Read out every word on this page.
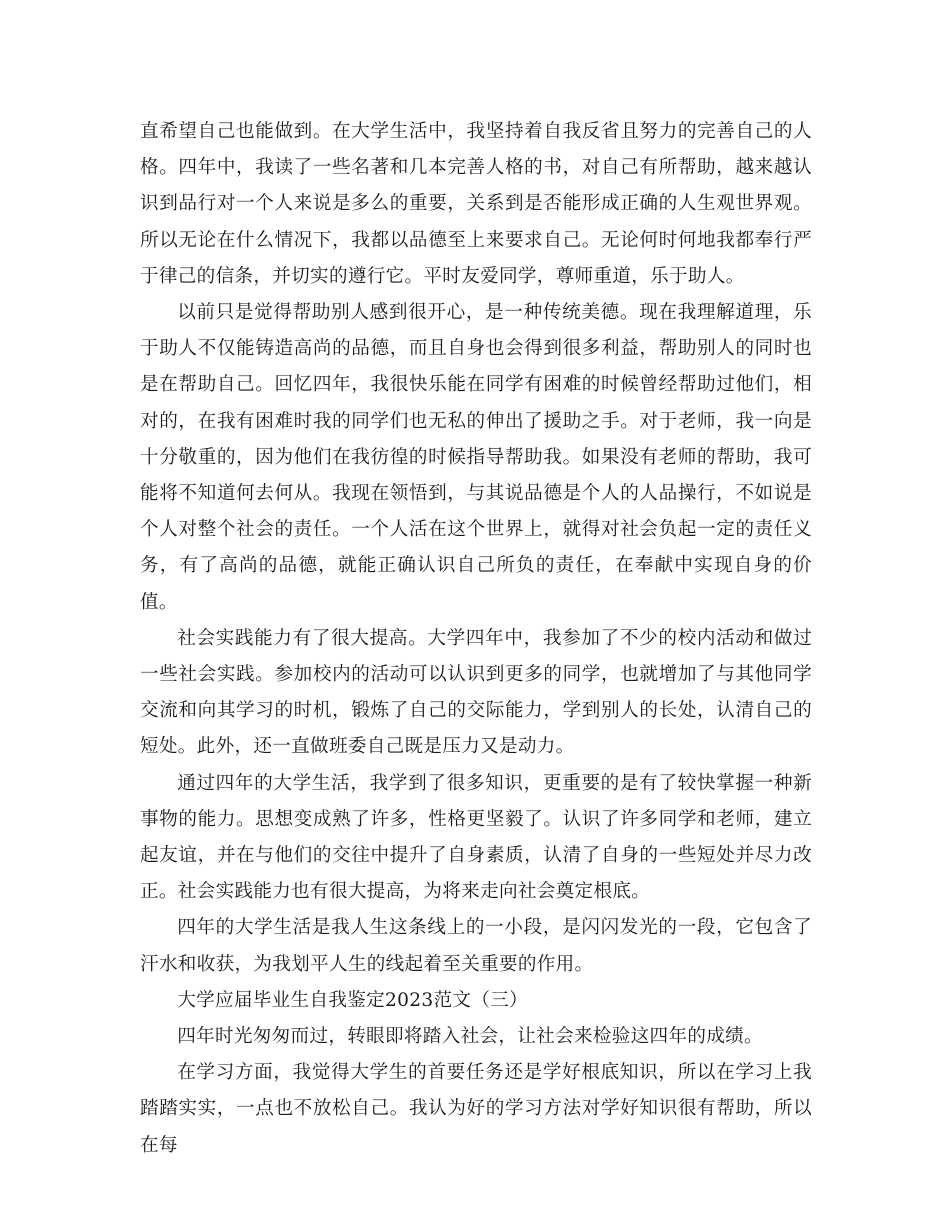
直希望自己也能做到。在大学生活中，我坚持着自我反省且努力的完善自己的人格。四年中，我读了一些名著和几本完善人格的书，对自己有所帮助，越来越认识到品行对一个人来说是多么的重要，关系到是否能形成正确的人生观世界观。所以无论在什么情况下，我都以品德至上来要求自己。无论何时何地我都奉行严于律己的信条，并切实的遵行它。平时友爱同学，尊师重道，乐于助人。

以前只是觉得帮助别人感到很开心，是一种传统美德。现在我理解道理，乐于助人不仅能铸造高尚的品德，而且自身也会得到很多利益，帮助别人的同时也是在帮助自己。回忆四年，我很快乐能在同学有困难的时候曾经帮助过他们，相对的，在我有困难时我的同学们也无私的伸出了援助之手。对于老师，我一向是十分敬重的，因为他们在我彷徨的时候指导帮助我。如果没有老师的帮助，我可能将不知道何去何从。我现在领悟到，与其说品德是个人的人品操行，不如说是个人对整个社会的责任。一个人活在这个世界上，就得对社会负起一定的责任义务，有了高尚的品德，就能正确认识自己所负的责任，在奉献中实现自身的价值。

社会实践能力有了很大提高。大学四年中，我参加了不少的校内活动和做过一些社会实践。参加校内的活动可以认识到更多的同学，也就增加了与其他同学交流和向其学习的时机，锻炼了自己的交际能力，学到别人的长处，认清自己的短处。此外，还一直做班委自己既是压力又是动力。

通过四年的大学生活，我学到了很多知识，更重要的是有了较快掌握一种新事物的能力。思想变成熟了许多，性格更坚毅了。认识了许多同学和老师，建立起友谊，并在与他们的交往中提升了自身素质，认清了自身的一些短处并尽力改正。社会实践能力也有很大提高，为将来走向社会奠定根底。

四年的大学生活是我人生这条线上的一小段，是闪闪发光的一段，它包含了汗水和收获，为我划平人生的线起着至关重要的作用。

大学应届毕业生自我鉴定2023范文（三）

四年时光匆匆而过，转眼即将踏入社会，让社会来检验这四年的成绩。

在学习方面，我觉得大学生的首要任务还是学好根底知识，所以在学习上我踏踏实实，一点也不放松自己。我认为好的学习方法对学好知识很有帮助，所以在每
